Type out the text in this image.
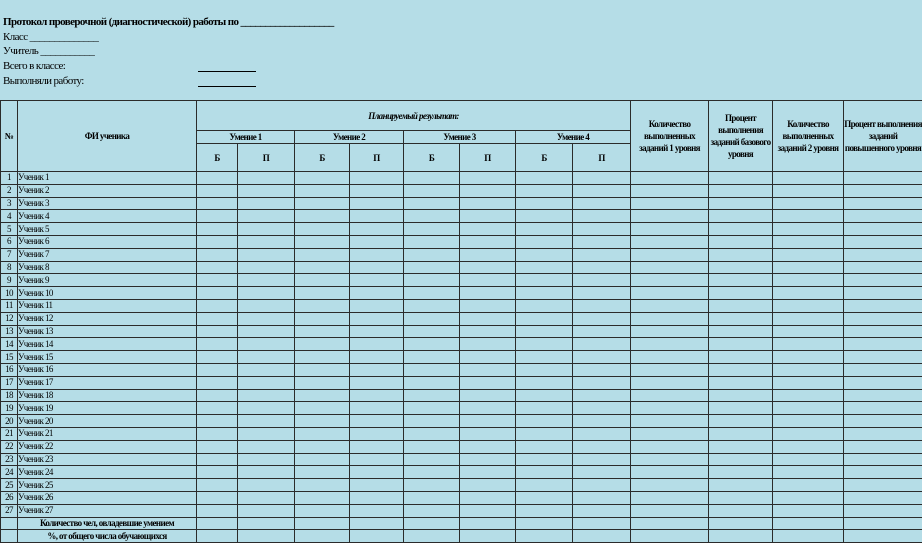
Протокол проверочной (диагностической) работы по ___________________
Класс ______________
Учитель ___________
Всего в классе:
Выполняли работу:
№	ФИ ученика	Планируемый результат:								Количество выполненных заданий 1 уровня	Процент выполнения заданий базового уровня	Количество выполненных заданий 2 уровня	Процент выполнения заданий повышенного уровня
		Умение 1		Умение 2		Умение 3		Умение 4					
		Б	П	Б	П	Б	П	Б	П				
1	Ученик 1												
2	Ученик 2												
3	Ученик 3												
4	Ученик 4												
5	Ученик 5												
6	Ученик 6												
7	Ученик 7												
8	Ученик 8												
9	Ученик 9												
10	Ученик 10												
11	Ученик 11												
12	Ученик 12												
13	Ученик 13												
14	Ученик 14												
15	Ученик 15												
16	Ученик 16												
17	Ученик 17												
18	Ученик 18												
19	Ученик 19												
20	Ученик 20												
21	Ученик 21												
22	Ученик 22												
23	Ученик 23												
24	Ученик 24												
25	Ученик 25												
26	Ученик 26												
27	Ученик 27												
	Количество чел, овладевшие умением												
	%, от общего числа обучающихся												
